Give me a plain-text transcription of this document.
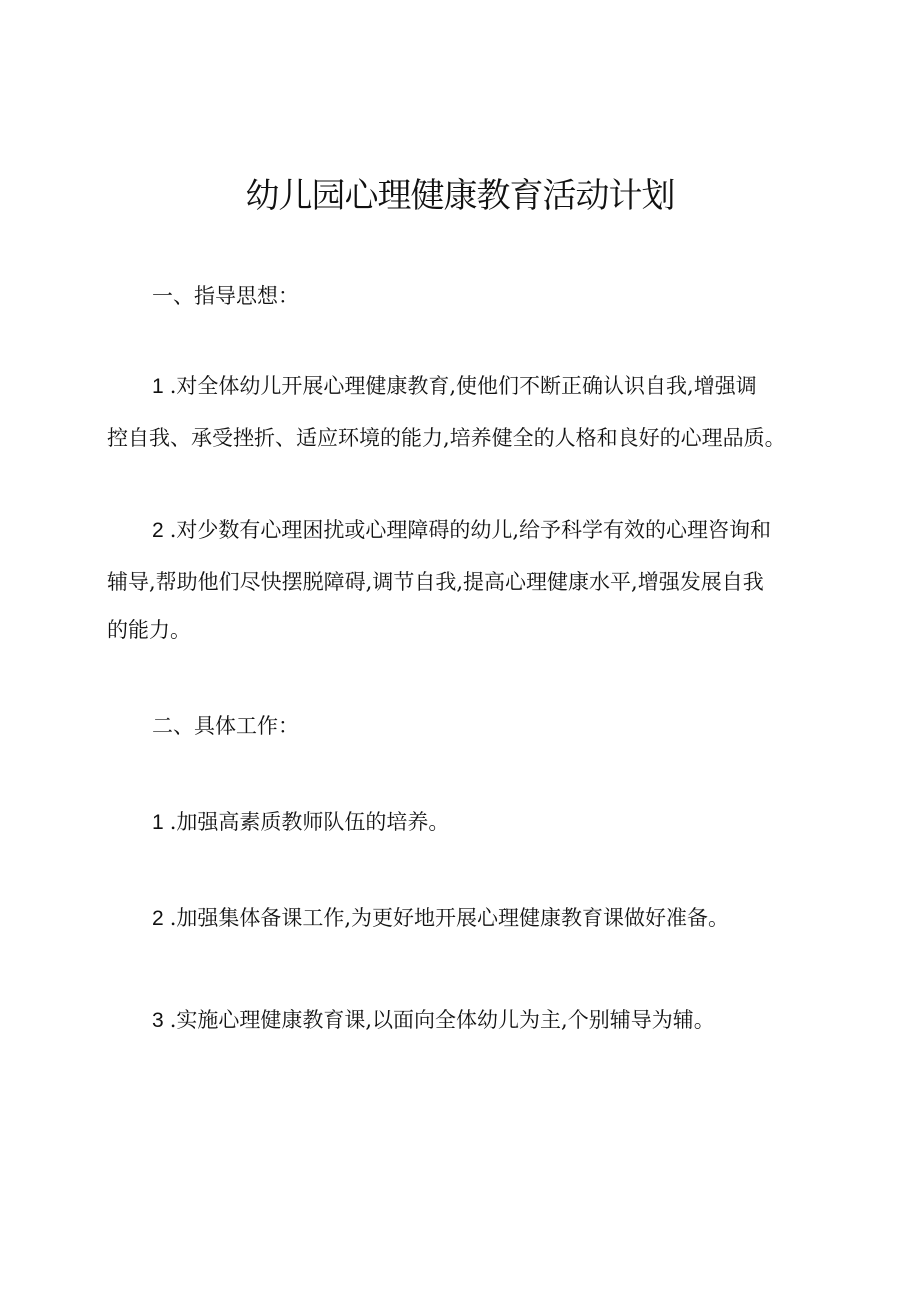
幼儿园心理健康教育活动计划

一、指导思想：

1 .对全体幼儿开展心理健康教育,使他们不断正确认识自我,增强调

控自我、承受挫折、适应环境的能力,培养健全的人格和良好的心理品质。

2 .对少数有心理困扰或心理障碍的幼儿,给予科学有效的心理咨询和

辅导,帮助他们尽快摆脱障碍,调节自我,提高心理健康水平,增强发展自我

的能力。

二、具体工作：

1 .加强高素质教师队伍的培养。

2 .加强集体备课工作,为更好地开展心理健康教育课做好准备。

3 .实施心理健康教育课,以面向全体幼儿为主,个别辅导为辅。
